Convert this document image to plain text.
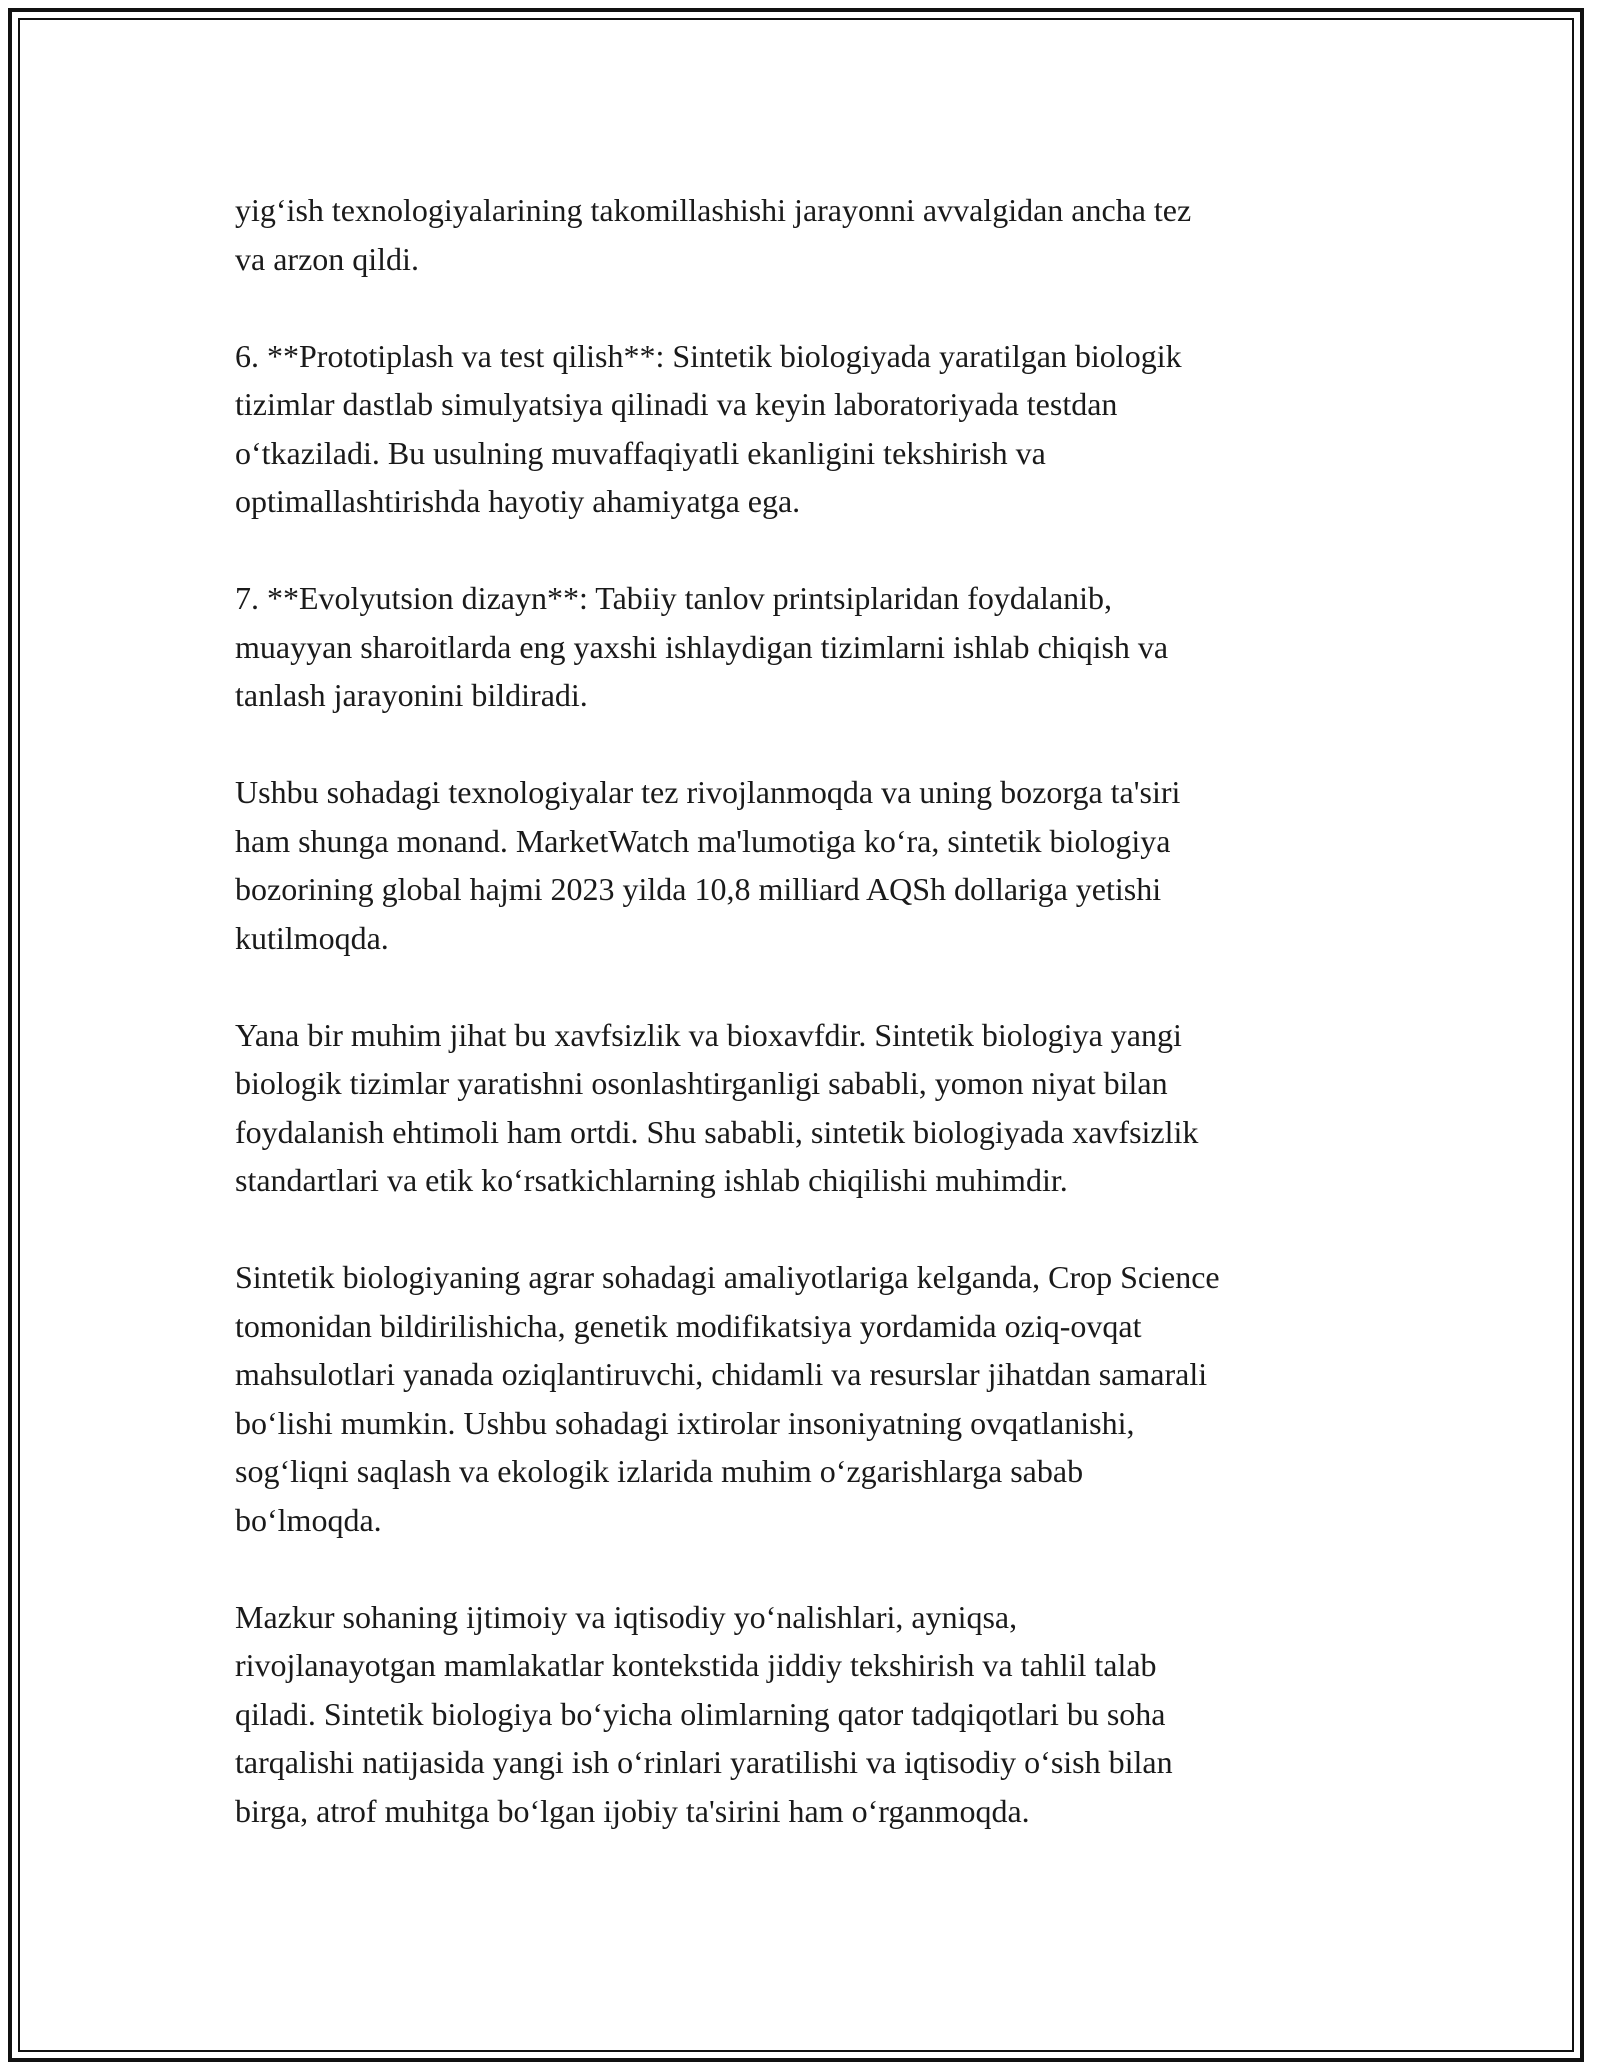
yig‘ish texnologiyalarining takomillashishi jarayonni avvalgidan ancha tez
va arzon qildi.

6. **Prototiplash va test qilish**: Sintetik biologiyada yaratilgan biologik
tizimlar dastlab simulyatsiya qilinadi va keyin laboratoriyada testdan
o‘tkaziladi. Bu usulning muvaffaqiyatli ekanligini tekshirish va
optimallashtirishda hayotiy ahamiyatga ega.

7. **Evolyutsion dizayn**: Tabiiy tanlov printsiplaridan foydalanib,
muayyan sharoitlarda eng yaxshi ishlaydigan tizimlarni ishlab chiqish va
tanlash jarayonini bildiradi.

Ushbu sohadagi texnologiyalar tez rivojlanmoqda va uning bozorga ta'siri
ham shunga monand. MarketWatch ma'lumotiga ko‘ra, sintetik biologiya
bozorining global hajmi 2023 yilda 10,8 milliard AQSh dollariga yetishi
kutilmoqda.

Yana bir muhim jihat bu xavfsizlik va bioxavfdir. Sintetik biologiya yangi
biologik tizimlar yaratishni osonlashtirganligi sababli, yomon niyat bilan
foydalanish ehtimoli ham ortdi. Shu sababli, sintetik biologiyada xavfsizlik
standartlari va etik ko‘rsatkichlarning ishlab chiqilishi muhimdir.

Sintetik biologiyaning agrar sohadagi amaliyotlariga kelganda, Crop Science
tomonidan bildirilishicha, genetik modifikatsiya yordamida oziq-ovqat
mahsulotlari yanada oziqlantiruvchi, chidamli va resurslar jihatdan samarali
bo‘lishi mumkin. Ushbu sohadagi ixtirolar insoniyatning ovqatlanishi,
sog‘liqni saqlash va ekologik izlarida muhim o‘zgarishlarga sabab
bo‘lmoqda.

Mazkur sohaning ijtimoiy va iqtisodiy yo‘nalishlari, ayniqsa,
rivojlanayotgan mamlakatlar kontekstida jiddiy tekshirish va tahlil talab
qiladi. Sintetik biologiya bo‘yicha olimlarning qator tadqiqotlari bu soha
tarqalishi natijasida yangi ish o‘rinlari yaratilishi va iqtisodiy o‘sish bilan
birga, atrof muhitga bo‘lgan ijobiy ta'sirini ham o‘rganmoqda.
